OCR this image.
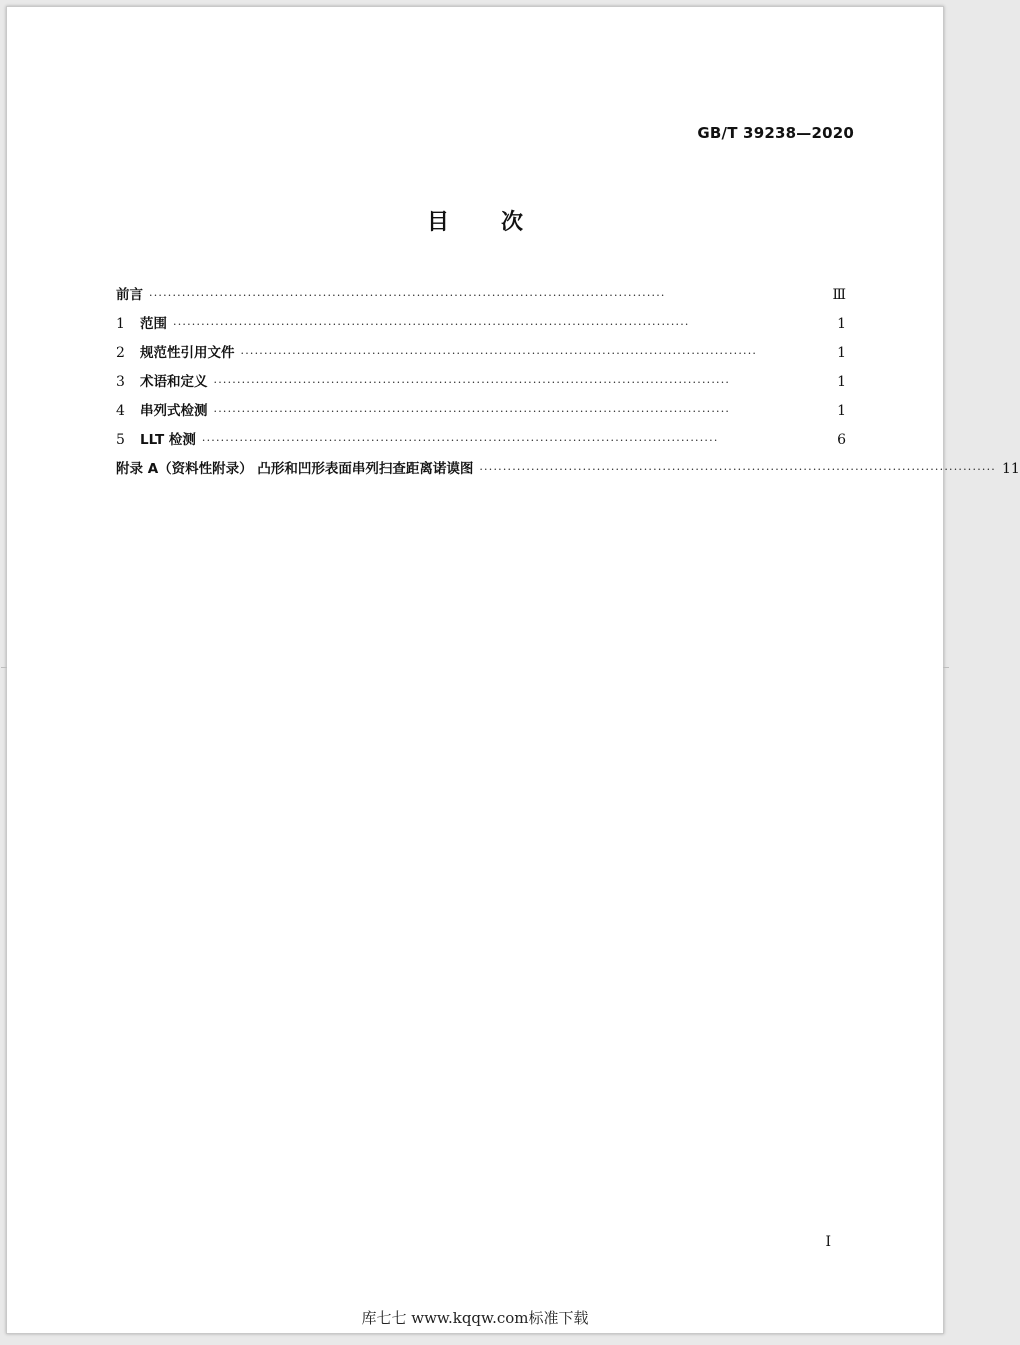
GB/T 39238—2020
目 次
前言 ··············································································································	Ⅲ
1	范围 ··············································································································	1
2	规范性引用文件 ··············································································································	1
3	术语和定义 ··············································································································	1
4	串列式检测 ··············································································································	1
5	LLT 检测 ··············································································································	6
附录 A（资料性附录） 凸形和凹形表面串列扫查距离诺谟图 ·············································································································· 11
I
库七七 www.kqqw.com标准下载
